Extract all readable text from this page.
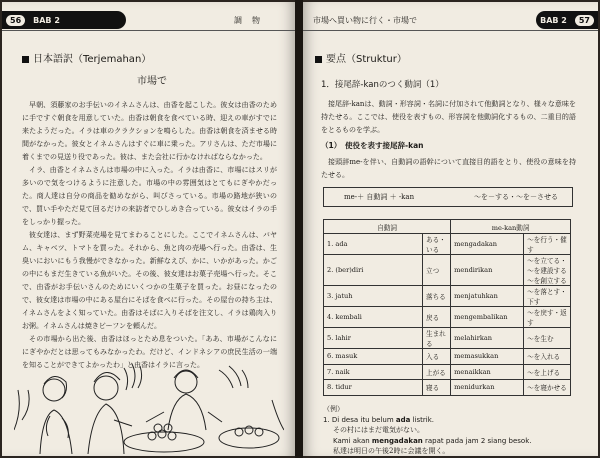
56	BAB 2	調　物
日本語訳（Terjemahan）
市場で

早朝、須藤家のお手伝いのイネムさんは、由香を起こした。彼女は由香のために手ですぐ朝食を用意していた。由香は朝食を食べている時、迎えの車がすでに来たようだった。イラは車のクラクションを鳴らした。由香は朝食を済ませる時間がなかった。彼女とイネムさんはすぐに車に乗った。アリさんは、ただ市場に着くまでの見送り役であった。彼は、また会社に行かなければならなかった。

イラ、由香とイネムさんは市場の中に入った。イラは由香に、市場にはスリが多いので気をつけるように注意した。市場の中の雰囲気はとてもにぎやかだった。商人達は自分の商品を勧めながら、叫びさっている。市場の路地が狭いので、買い手やただ見て回るだけの来訪者でひしめき合っている。彼女はイラの手をしっかり握った。

彼女達は、まず野菜売場を見てまわることにした。ここでイネムさんは、バヤム、キャベツ、トマトを買った。それから、魚と肉の売場へ行った。由香は、生臭いにおいにもう我慢ができなかった。新鮮なえび、かに、いかがあった。かごの中にもまだ生きている魚がいた。その後、彼女達はお菓子売場へ行った。そこで、由香がお手伝いさんのためにいくつかの生菓子を買った。お昼になったので、彼女達は市場の中にある屋台にそばを食べに行った。その屋台の持ち主は、イネムさんをよく知っていた。由香はそばに入りそばを注文し、イラは鶏肉入りお粥。イネムさんは焼きビーフンを頼んだ。

その市場から出た後、由香はほっとため息をついた。「ああ、市場がこんなににぎやかだとは思ってもみなかったわ。だけど、インドネシアの庶民生活の一端を知ることができてよかったわ」と由香はイラに言った。

市場へ買い物に行く・市場で	BAB 2	57
要点（Struktur）
1．接尾辞-kanのつく動詞（1）

接尾辞-kanは、動詞・形容詞・名詞に付加されて他動詞となり、様々な意味を持たせる。ここでは、使役を表すもの、形容詞を他動詞化するもの、二重目的語をとるものを学ぶ。

（1）　使役を表す接尾辞-kan

接頭辞me-を伴い、自動詞の語幹について直接目的語をとり、使役の意味を持たせる。

me-＋ 自動詞 ＋ -kan	～を－する・～を－させる
自動詞		me-kan動詞	
1. ada	ある・いる	mengadakan	～を行う・催す
2. (ber)diri	立つ	mendirikan	～を立てる・～を建設する
～を創立する
3. jatuh	落ちる	menjatuhkan	～を落とす・下す
4. kembali	戻る	mengembalikan	～を戻す・返す
5. lahir	生まれる	melahirkan	～を生む
6. masuk	入る	memasukkan	～を入れる
7. naik	上がる	menaikkan	～を上げる
8. tidur	寝る	menidurkan	～を寝かせる
（例）
1. Di desa itu belum ada listrik.
その村にはまだ電気がない。
Kami akan mengadakan rapat pada jam 2 siang besok.
私達は明日の午後2時に会議を開く。
